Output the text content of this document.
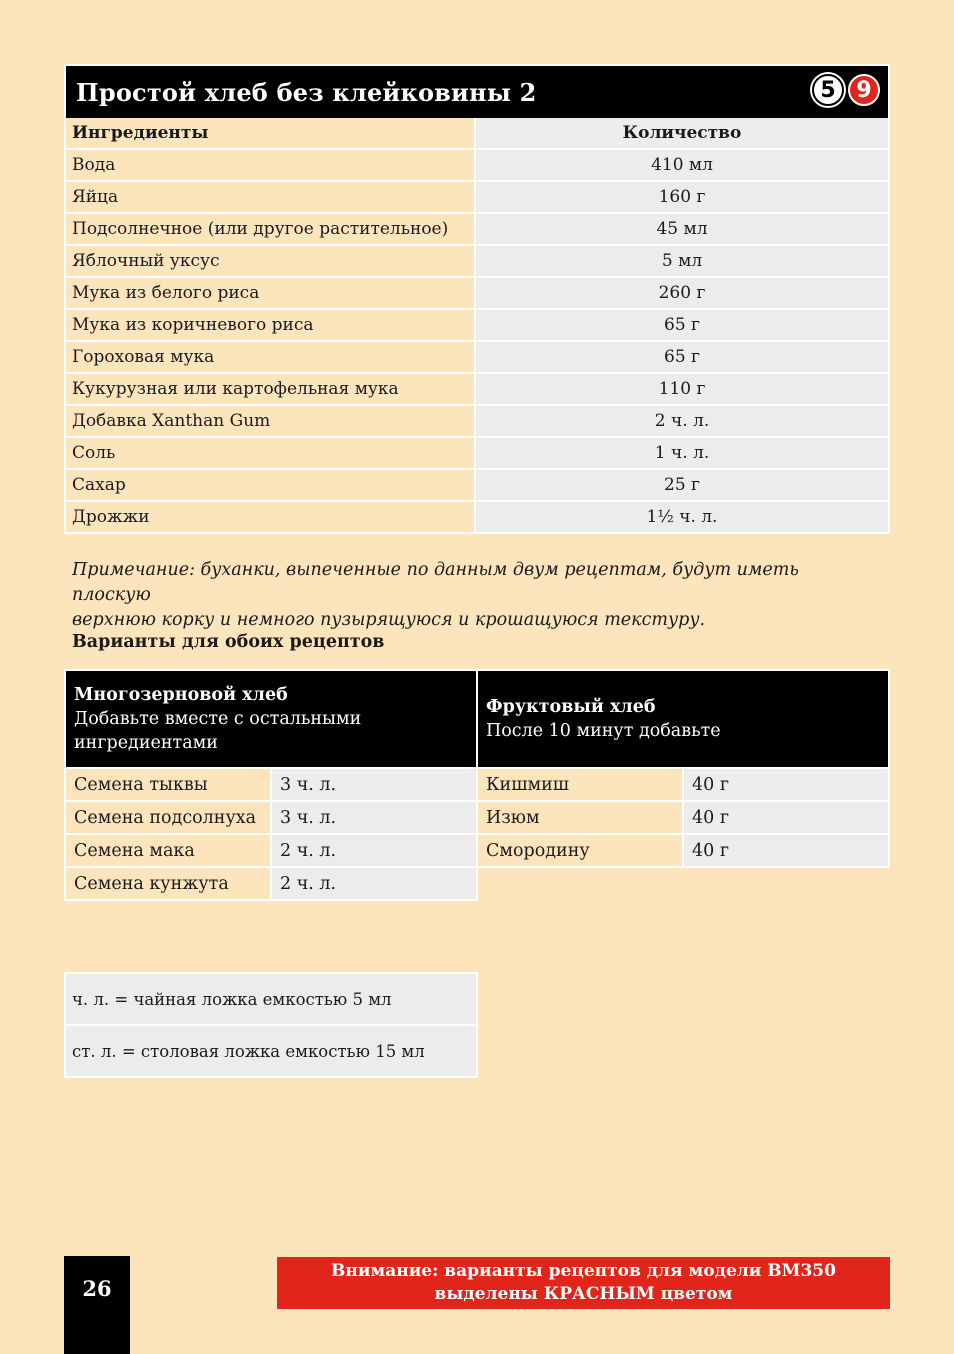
Простой хлеб без клейковины 2	5 9
Ингредиенты	Количество
Вода	410 мл
Яйца	160 г
Подсолнечное (или другое растительное)	45 мл
Яблочный уксус	5 мл
Мука из белого риса	260 г
Мука из коричневого риса	65 г
Гороховая мука	65 г
Кукурузная или картофельная мука	110 г
Добавка Xanthan Gum	2 ч. л.
Соль	1 ч. л.
Сахар	25 г
Дрожжи	1½ ч. л.
Примечание: буханки, выпеченные по данным двум рецептам, будут иметь плоскую
верхнюю корку и немного пузырящуюся и крошащуюся текстуру.
Варианты для обоих рецептов
Многозерновой хлеб
Добавьте вместе с остальными
ингредиентами
Семена тыквы	3 ч. л.
Семена подсолнуха	3 ч. л.
Семена мака	2 ч. л.
Семена кунжута	2 ч. л.
Фруктовый хлеб
После 10 минут добавьте
Кишмиш	40 г
Изюм	40 г
Смородину	40 г
ч. л. = чайная ложка емкостью 5 мл
ст. л. = столовая ложка емкостью 15 мл
26
Внимание: варианты рецептов для модели BM350
выделены КРАСНЫМ цветом
